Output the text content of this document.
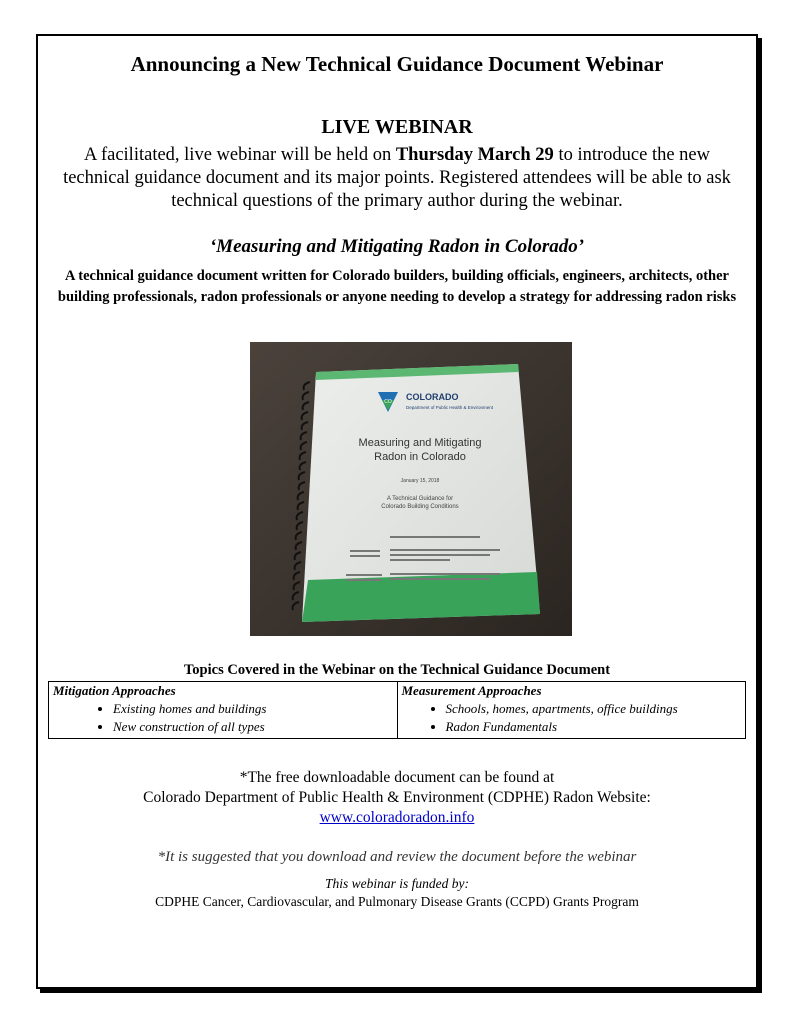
Announcing a New Technical Guidance Document Webinar
LIVE WEBINAR
A facilitated, live webinar will be held on Thursday March 29 to introduce the new technical guidance document and its major points. Registered attendees will be able to ask technical questions of the primary author during the webinar.
‘Measuring and Mitigating Radon in Colorado’
A technical guidance document written for Colorado builders, building officials, engineers, architects, other building professionals, radon professionals or anyone needing to develop a strategy for addressing radon risks
CO COLORADO
Department of Public Health & Environment
Measuring and Mitigating
Radon in Colorado
January 15, 2018
A Technical Guidance for
Colorado Building Conditions
Topics Covered in the Webinar on the Technical Guidance Document
Mitigation Approaches
• Existing homes and buildings
• New construction of all types

Measurement Approaches
• Schools, homes, apartments, office buildings
• Radon Fundamentals
*The free downloadable document can be found at
Colorado Department of Public Health & Environment (CDPHE) Radon Website:
www.coloradoradon.info
*It is suggested that you download and review the document before the webinar
This webinar is funded by:
CDPHE Cancer, Cardiovascular, and Pulmonary Disease Grants (CCPD) Grants Program
